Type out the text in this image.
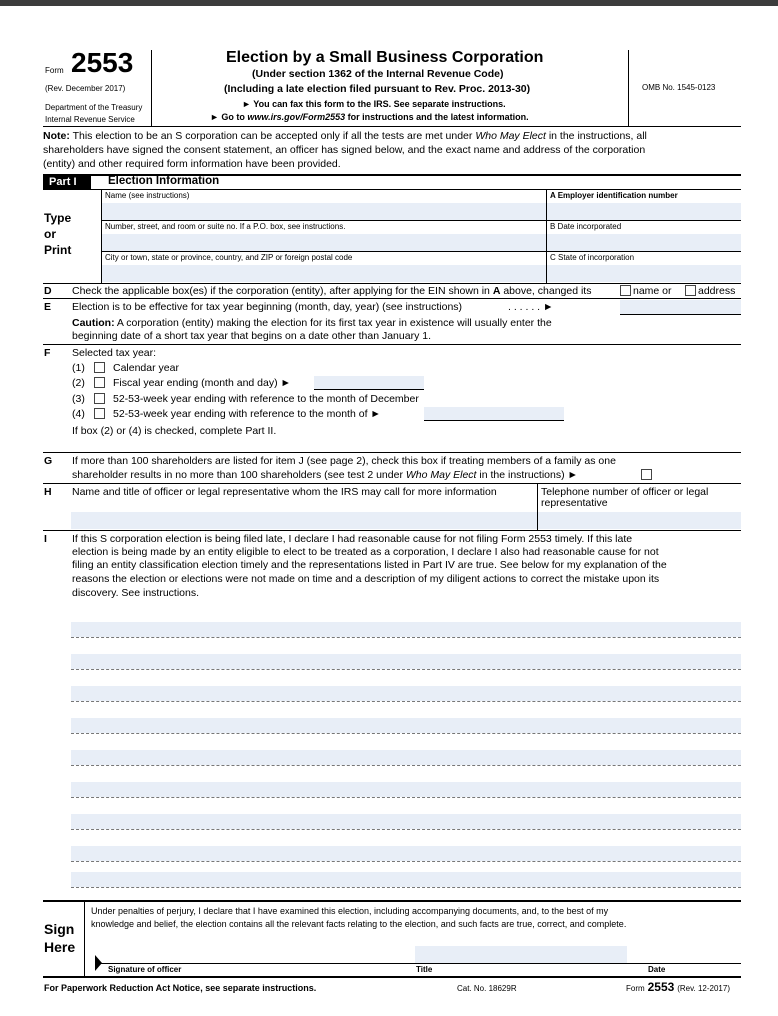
Form 2553
(Rev. December 2017)
Department of the Treasury
Internal Revenue Service
Election by a Small Business Corporation
(Under section 1362 of the Internal Revenue Code)
(Including a late election filed pursuant to Rev. Proc. 2013-30)
► You can fax this form to the IRS. See separate instructions.
► Go to www.irs.gov/Form2553 for instructions and the latest information.
OMB No. 1545-0123
Note: This election to be an S corporation can be accepted only if all the tests are met under Who May Elect in the instructions, all
shareholders have signed the consent statement, an officer has signed below, and the exact name and address of the corporation
(entity) and other required form information have been provided.
Part I	Election Information
Type
or
Print
Name (see instructions)	A Employer identification number
Number, street, and room or suite no. If a P.O. box, see instructions.	B Date incorporated
City or town, state or province, country, and ZIP or foreign postal code	C State of incorporation
D Check the applicable box(es) if the corporation (entity), after applying for the EIN shown in A above, changed its	name or	address
E Election is to be effective for tax year beginning (month, day, year) (see instructions)	. . . . . . ►
Caution: A corporation (entity) making the election for its first tax year in existence will usually enter the
beginning date of a short tax year that begins on a date other than January 1.
F Selected tax year:
(1)	Calendar year
(2)	Fiscal year ending (month and day) ►
(3)	52-53-week year ending with reference to the month of December
(4)	52-53-week year ending with reference to the month of ►
If box (2) or (4) is checked, complete Part II.
G If more than 100 shareholders are listed for item J (see page 2), check this box if treating members of a family as one
shareholder results in no more than 100 shareholders (see test 2 under Who May Elect in the instructions) ►
H Name and title of officer or legal representative whom the IRS may call for more information	Telephone number of officer or legal
representative
I If this S corporation election is being filed late, I declare I had reasonable cause for not filing Form 2553 timely. If this late
election is being made by an entity eligible to elect to be treated as a corporation, I declare I also had reasonable cause for not
filing an entity classification election timely and the representations listed in Part IV are true. See below for my explanation of the
reasons the election or elections were not made on time and a description of my diligent actions to correct the mistake upon its
discovery. See instructions.
Sign
Here
Under penalties of perjury, I declare that I have examined this election, including accompanying documents, and, to the best of my
knowledge and belief, the election contains all the relevant facts relating to the election, and such facts are true, correct, and complete.
Signature of officer	Title	Date
For Paperwork Reduction Act Notice, see separate instructions.	Cat. No. 18629R	Form 2553 (Rev. 12-2017)
